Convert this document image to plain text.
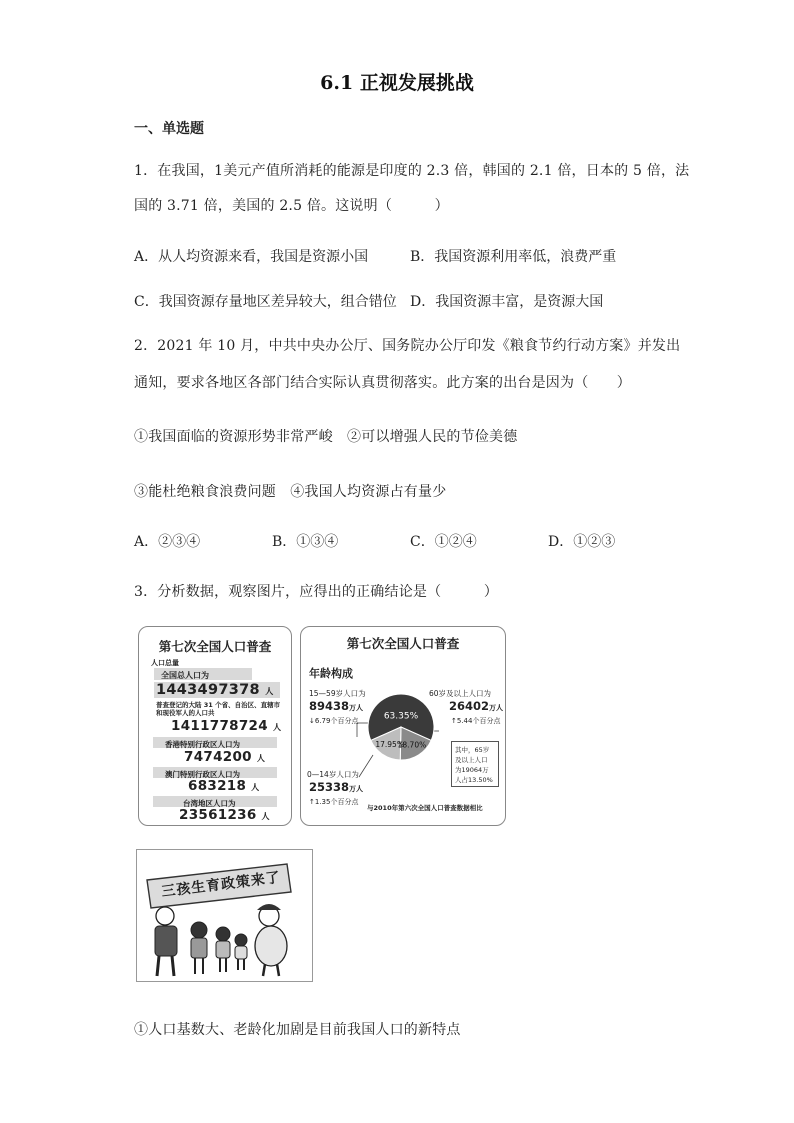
6.1 正视发展挑战
一、单选题
1．在我国，1美元产值所消耗的能源是印度的 2.3 倍，韩国的 2.1 倍，日本的 5 倍，法
国的 3.71 倍，美国的 2.5 倍。这说明（　　　）
A．从人均资源来看，我国是资源小国	B．我国资源利用率低，浪费严重
C．我国资源存量地区差异较大，组合错位 D．我国资源丰富，是资源大国
2．2021 年 10 月，中共中央办公厅、国务院办公厅印发《粮食节约行动方案》并发出
通知，要求各地区各部门结合实际认真贯彻落实。此方案的出台是因为（　　）
①我国面临的资源形势非常严峻　②可以增强人民的节俭美德
③能杜绝粮食浪费问题　④我国人均资源占有量少
A．②③④	B．①③④	C．①②④	D．①②③
3．分析数据，观察图片，应得出的正确结论是（　　　）
第七次全国人口普查
人口总量
全国总人口为
1443497378 人
普查登记的大陆 31 个省、自治区、直辖市和现役军人的人口共
1411778724 人
香港特别行政区人口为
7474200 人
澳门特别行政区人口为
683218 人
台湾地区人口为
23561236 人
第七次全国人口普查
年龄构成
15—59岁人口为
89438万人
↓6.79个百分点
60岁及以上人口为
26402万人
↑5.44个百分点
其中，65岁
及以上人口
为19064万
人占13.50%
0—14岁人口为
25338万人
↑1.35个百分点
与2010年第六次全国人口普查数据相比
63.35%
18.70%
17.95%
三孩生育政策来了
①人口基数大、老龄化加剧是目前我国人口的新特点
